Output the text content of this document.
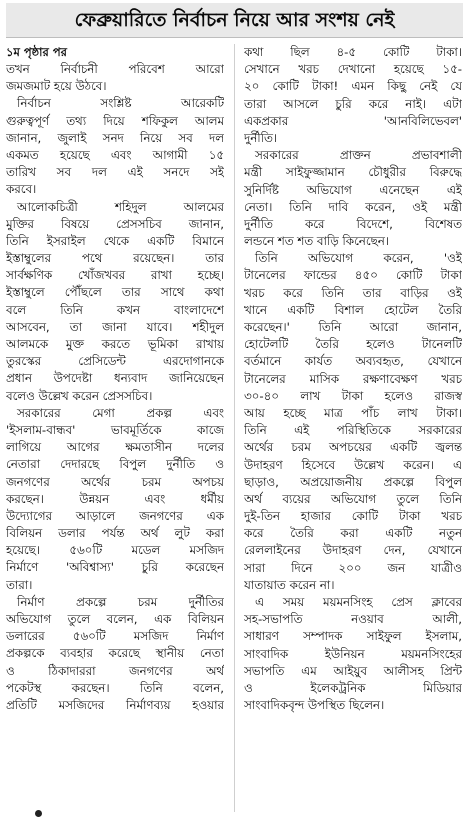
ফেব্রুয়ারিতে নির্বাচন নিয়ে আর সংশয় নেই
১ম পৃষ্ঠার পর
তখন নির্বাচনী পরিবেশ আরো
জমজমাট হয়ে উঠবে।
নির্বাচন সংশ্লিষ্ট আরেকটি
গুরুত্বপূর্ণ তথ্য দিয়ে শফিকুল আলম
জানান, জুলাই সনদ নিয়ে সব দল
একমত হয়েছে এবং আগামী ১৫
তারিখ সব দল এই সনদে সই
করবে।
আলোকচিত্রী শহিদুল আলমের
মুক্তির বিষয়ে প্রেসসচিব জানান,
তিনি ইসরাইল থেকে একটি বিমানে
ইস্তাম্বুলের পথে রয়েছেন। তার
সার্বক্ষণিক খোঁজখবর রাখা হচ্ছে।
ইস্তাম্বুলে পৌঁছলে তার সাথে কথা
বলে তিনি কখন বাংলাদেশে
আসবেন, তা জানা যাবে। শহীদুল
আলমকে মুক্ত করতে ভূমিকা রাখায়
তুরস্কের প্রেসিডেন্ট এরদোগানকে
প্রধান উপদেষ্টা ধন্যবাদ জানিয়েছেন
বলেও উল্লেখ করেন প্রেসসচিব।
সরকারের মেগা প্রকল্প এবং
'ইসলাম-বান্ধব' ভাবমূর্তিকে কাজে
লাগিয়ে আগের ক্ষমতাসীন দলের
নেতারা দেদারছে বিপুল দুর্নীতি ও
জনগণের অর্থের চরম অপচয়
করছেন। উন্নয়ন এবং ধর্মীয়
উদ্যোগের আড়ালে জনগণের এক
বিলিয়ন ডলার পর্যন্ত অর্থ লুট করা
হয়েছে। ৫৬০টি মডেল মসজিদ
নির্মাণে 'অবিশ্বাস্য' চুরি করেছেন
তারা।
নির্মাণ প্রকল্পে চরম দুর্নীতির
অভিযোগ তুলে বলেন, এক বিলিয়ন
ডলারের ৫৬০টি মসজিদ নির্মাণ
প্রকল্পকে ব্যবহার করেছে স্থানীয় নেতা
ও ঠিকাদাররা জনগণের অর্থ
পকেটস্থ করছেন। তিনি বলেন,
প্রতিটি মসজিদের নির্মাণব্যয় হওয়ার
কথা ছিল ৪-৫ কোটি টাকা।
সেখানে খরচ দেখানো হয়েছে ১৫-
২০ কোটি টাকা! এমন কিছু নেই যে
তারা আসলে চুরি করে নাই। এটা
একপ্রকার 'আনবিলিভেবল'
দুর্নীতি।
সরকারের প্রাক্তন প্রভাবশালী
মন্ত্রী সাইফুজ্জামান চৌধুরীর বিরুদ্ধে
সুনির্দিষ্ট অভিযোগ এনেছেন এই
নেতা। তিনি দাবি করেন, ওই মন্ত্রী
দুর্নীতি করে বিদেশে, বিশেষত
লন্ডনে শত শত বাড়ি কিনেছেন।
তিনি অভিযোগ করেন, 'ওই
টানেলের ফান্ডের ৪৫০ কোটি টাকা
খরচ করে তিনি তার বাড়ির ওই
খানে একটি বিশাল হোটেল তৈরি
করেছেন।' তিনি আরো জানান,
হোটেলটি তৈরি হলেও টানেলটি
বর্তমানে কার্যত অব্যবহৃত, যেখানে
টানেলের মাসিক রক্ষণাবেক্ষণ খরচ
৩০-৪০ লাখ টাকা হলেও রাজস্ব
আয় হচ্ছে মাত্র পাঁচ লাখ টাকা।
তিনি এই পরিস্থিতিকে সরকারের
অর্থের চরম অপচয়ের একটি জ্বলন্ত
উদাহরণ হিসেবে উল্লেখ করেন। এ
ছাড়াও, অপ্রয়োজনীয় প্রকল্পে বিপুল
অর্থ ব্যয়ের অভিযোগ তুলে তিনি
দুই-তিন হাজার কোটি টাকা খরচ
করে তৈরি করা একটি নতুন
রেললাইনের উদাহরণ দেন, যেখানে
সারা দিনে ২০০ জন যাত্রীও
যাতায়াত করেন না।
এ সময় ময়মনসিংহ প্রেস ক্লাবের
সহ-সভাপতি নওয়াব আলী,
সাধারণ সম্পাদক সাইফুল ইসলাম,
সাংবাদিক ইউনিয়ন ময়মনসিংহের
সভাপতি এম আইয়ুব আলীসহ প্রিন্ট
ও ইলেকট্রনিক মিডিয়ার
সাংবাদিকবৃন্দ উপস্থিত ছিলেন।
